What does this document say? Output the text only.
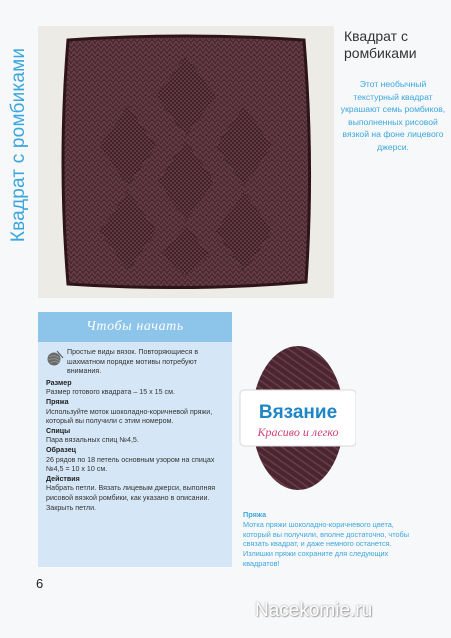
Квадрат с ромбиками
Квадрат с ромбиками
Этот необычный текстурный квадрат украшают семь ромбиков, выполненных рисовой вязкой на фоне лицевого джерси.
Чтобы начать
Простые виды вязок. Повторяющиеся в шахматном порядке мотивы потребуют внимания.
Размер
Размер готового квадрата – 15 х 15 см.
Пряжа
Используйте моток шоколадно-коричневой пряжи, который вы получили с этим номером.
Спицы
Пара вязальных спиц №4,5.
Образец
26 рядов по 18 петель основным узором на спицах №4,5 = 10 х 10 см.
Действия
Набрать петли. Вязать лицевым джерси, выполняя рисовой вязкой ромбики, как указано в описании. Закрыть петли.
Вязание
Красиво и легко
Пряжа
Мотка пряжи шоколадно-коричневого цвета, который вы получили, вполне достаточно, чтобы связать квадрат, и даже немного останется. Излишки пряжи сохраните для следующих квадратов!
6
Nacekomie.ru
